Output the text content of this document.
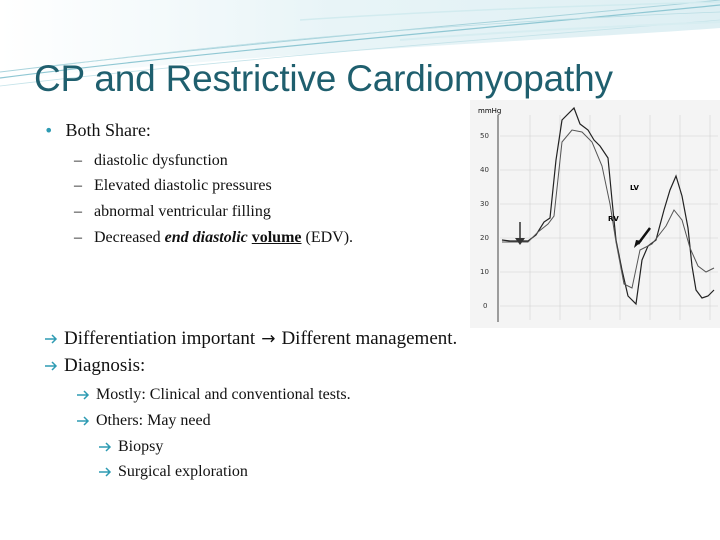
CP and Restrictive Cardiomyopathy
• Both Share:
– diastolic dysfunction
– Elevated diastolic pressures
– abnormal ventricular filling
– Decreased end diastolic volume (EDV).
mmHg
50
40
30
20
10
0
LV
RV
Differentiation important → Different management.
Diagnosis:
Mostly: Clinical and conventional tests.
Others: May need
Biopsy
Surgical exploration
